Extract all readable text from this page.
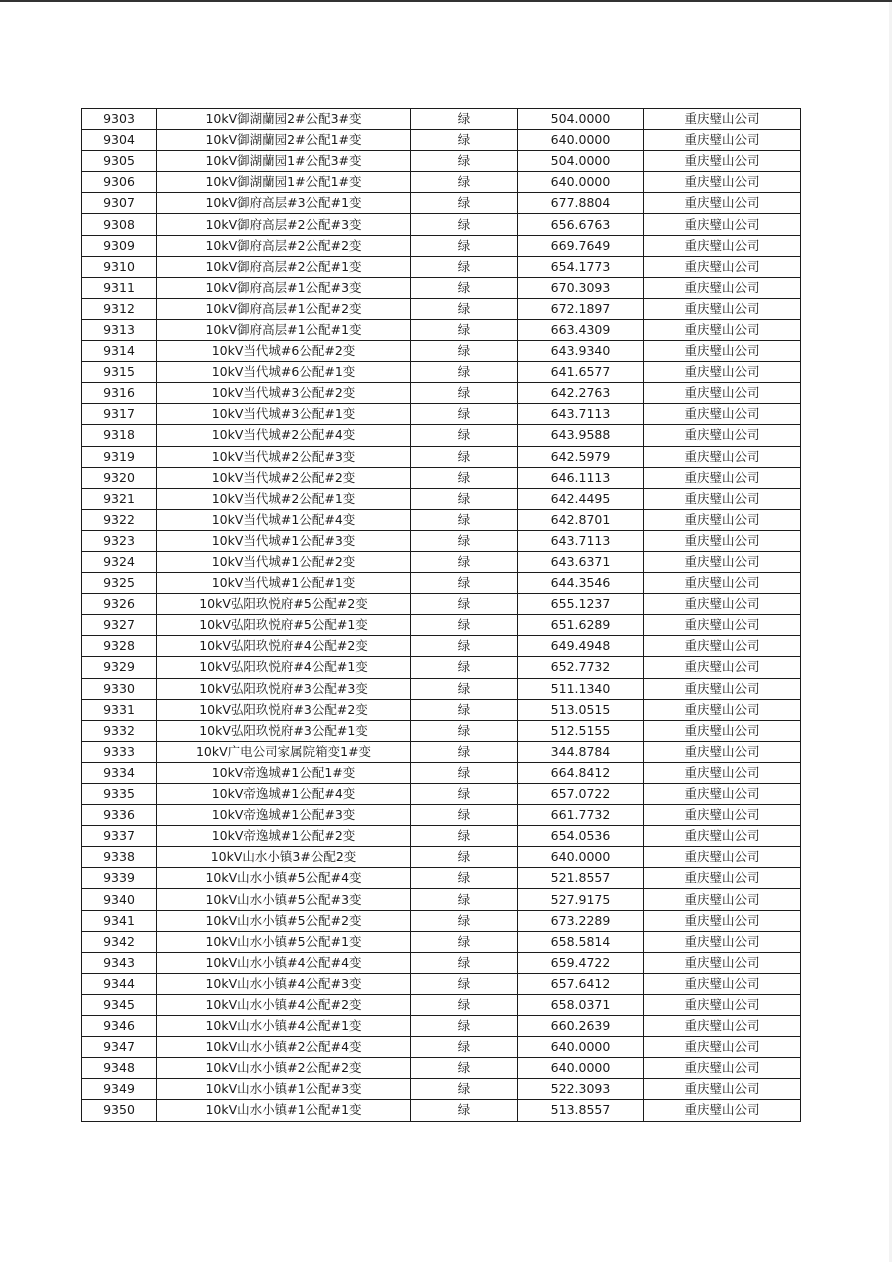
9303	10kV御湖蘭园2#公配3#变	绿	504.0000	重庆璧山公司
9304	10kV御湖蘭园2#公配1#变	绿	640.0000	重庆璧山公司
9305	10kV御湖蘭园1#公配3#变	绿	504.0000	重庆璧山公司
9306	10kV御湖蘭园1#公配1#变	绿	640.0000	重庆璧山公司
9307	10kV御府高层#3公配#1变	绿	677.8804	重庆璧山公司
9308	10kV御府高层#2公配#3变	绿	656.6763	重庆璧山公司
9309	10kV御府高层#2公配#2变	绿	669.7649	重庆璧山公司
9310	10kV御府高层#2公配#1变	绿	654.1773	重庆璧山公司
9311	10kV御府高层#1公配#3变	绿	670.3093	重庆璧山公司
9312	10kV御府高层#1公配#2变	绿	672.1897	重庆璧山公司
9313	10kV御府高层#1公配#1变	绿	663.4309	重庆璧山公司
9314	10kV当代城#6公配#2变	绿	643.9340	重庆璧山公司
9315	10kV当代城#6公配#1变	绿	641.6577	重庆璧山公司
9316	10kV当代城#3公配#2变	绿	642.2763	重庆璧山公司
9317	10kV当代城#3公配#1变	绿	643.7113	重庆璧山公司
9318	10kV当代城#2公配#4变	绿	643.9588	重庆璧山公司
9319	10kV当代城#2公配#3变	绿	642.5979	重庆璧山公司
9320	10kV当代城#2公配#2变	绿	646.1113	重庆璧山公司
9321	10kV当代城#2公配#1变	绿	642.4495	重庆璧山公司
9322	10kV当代城#1公配#4变	绿	642.8701	重庆璧山公司
9323	10kV当代城#1公配#3变	绿	643.7113	重庆璧山公司
9324	10kV当代城#1公配#2变	绿	643.6371	重庆璧山公司
9325	10kV当代城#1公配#1变	绿	644.3546	重庆璧山公司
9326	10kV弘阳玖悦府#5公配#2变	绿	655.1237	重庆璧山公司
9327	10kV弘阳玖悦府#5公配#1变	绿	651.6289	重庆璧山公司
9328	10kV弘阳玖悦府#4公配#2变	绿	649.4948	重庆璧山公司
9329	10kV弘阳玖悦府#4公配#1变	绿	652.7732	重庆璧山公司
9330	10kV弘阳玖悦府#3公配#3变	绿	511.1340	重庆璧山公司
9331	10kV弘阳玖悦府#3公配#2变	绿	513.0515	重庆璧山公司
9332	10kV弘阳玖悦府#3公配#1变	绿	512.5155	重庆璧山公司
9333	10kV广电公司家属院箱变1#变	绿	344.8784	重庆璧山公司
9334	10kV帝逸城#1公配1#变	绿	664.8412	重庆璧山公司
9335	10kV帝逸城#1公配#4变	绿	657.0722	重庆璧山公司
9336	10kV帝逸城#1公配#3变	绿	661.7732	重庆璧山公司
9337	10kV帝逸城#1公配#2变	绿	654.0536	重庆璧山公司
9338	10kV山水小镇3#公配2变	绿	640.0000	重庆璧山公司
9339	10kV山水小镇#5公配#4变	绿	521.8557	重庆璧山公司
9340	10kV山水小镇#5公配#3变	绿	527.9175	重庆璧山公司
9341	10kV山水小镇#5公配#2变	绿	673.2289	重庆璧山公司
9342	10kV山水小镇#5公配#1变	绿	658.5814	重庆璧山公司
9343	10kV山水小镇#4公配#4变	绿	659.4722	重庆璧山公司
9344	10kV山水小镇#4公配#3变	绿	657.6412	重庆璧山公司
9345	10kV山水小镇#4公配#2变	绿	658.0371	重庆璧山公司
9346	10kV山水小镇#4公配#1变	绿	660.2639	重庆璧山公司
9347	10kV山水小镇#2公配#4变	绿	640.0000	重庆璧山公司
9348	10kV山水小镇#2公配#2变	绿	640.0000	重庆璧山公司
9349	10kV山水小镇#1公配#3变	绿	522.3093	重庆璧山公司
9350	10kV山水小镇#1公配#1变	绿	513.8557	重庆璧山公司
